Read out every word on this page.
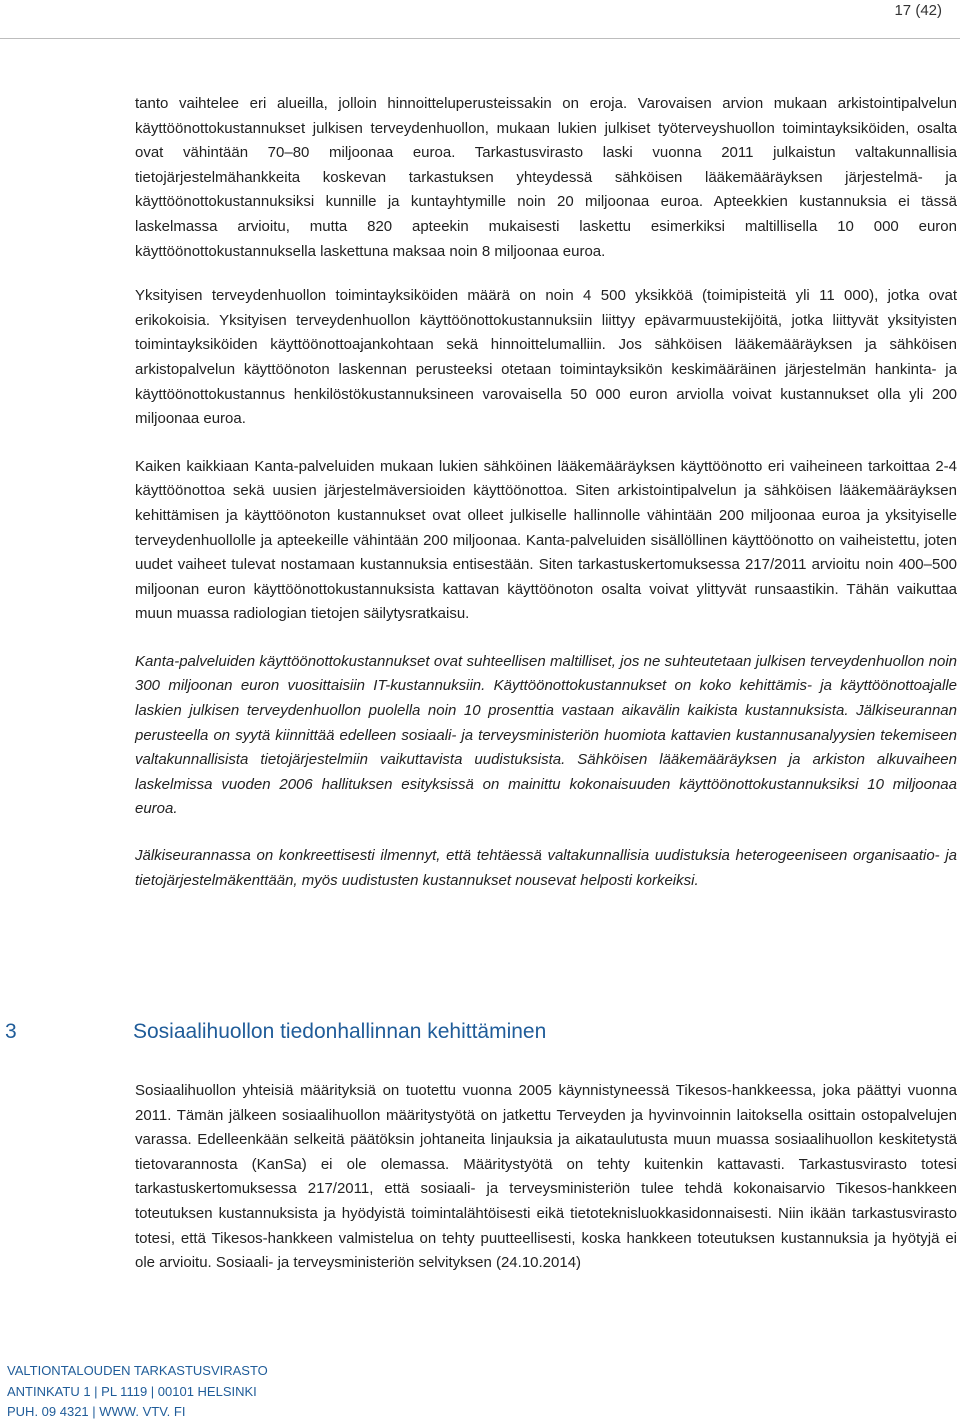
17 (42)

tanto vaihtelee eri alueilla, jolloin hinnoitteluperusteissakin on eroja. Varovaisen arvion mukaan arkistointipalvelun käyttöönottokustannukset julkisen terveydenhuollon, mukaan lukien julkiset työterveyshuollon toimintayksiköiden, osalta ovat vähintään 70–80 miljoonaa euroa. Tarkastusvirasto laski vuonna 2011 julkaistun valtakunnallisia tietojärjestelmähankkeita koskevan tarkastuksen yhteydessä sähköisen lääkemääräyksen järjestelmä- ja käyttöönottokustannuksiksi kunnille ja kuntayhtymille noin 20 miljoonaa euroa. Apteekkien kustannuksia ei tässä laskelmassa arvioitu, mutta 820 apteekin mukaisesti laskettu esimerkiksi maltillisella 10 000 euron käyttöönottokustannuksella laskettuna maksaa noin 8 miljoonaa euroa.

Yksityisen terveydenhuollon toimintayksiköiden määrä on noin 4 500 yksikköä (toimipisteitä yli 11 000), jotka ovat erikokoisia. Yksityisen terveydenhuollon käyttöönottokustannuksiin liittyy epävarmuustekijöitä, jotka liittyvät yksityisten toimintayksiköiden käyttöönottoajankohtaan sekä hinnoittelumalliin. Jos sähköisen lääkemääräyksen ja sähköisen arkistopalvelun käyttöönoton laskennan perusteeksi otetaan toimintayksikön keskimääräinen järjestelmän hankinta- ja käyttöönottokustannus henkilöstökustannuksineen varovaisella 50 000 euron arviolla voivat kustannukset olla yli 200 miljoonaa euroa.

Kaiken kaikkiaan Kanta-palveluiden mukaan lukien sähköinen lääkemääräyksen käyttöönotto eri vaiheineen tarkoittaa 2-4 käyttöönottoa sekä uusien järjestelmäversioiden käyttöönottoa. Siten arkistointipalvelun ja sähköisen lääkemääräyksen kehittämisen ja käyttöönoton kustannukset ovat olleet julkiselle hallinnolle vähintään 200 miljoonaa euroa ja yksityiselle terveydenhuollolle ja apteekeille vähintään 200 miljoonaa. Kanta-palveluiden sisällöllinen käyttöönotto on vaiheistettu, joten uudet vaiheet tulevat nostamaan kustannuksia entisestään. Siten tarkastuskertomuksessa 217/2011 arvioitu noin 400–500 miljoonan euron käyttöönottokustannuksista kattavan käyttöönoton osalta voivat ylittyvät runsaastikin. Tähän vaikuttaa muun muassa radiologian tietojen säilytysratkaisu.

Kanta-palveluiden käyttöönottokustannukset ovat suhteellisen maltilliset, jos ne suhteutetaan julkisen terveydenhuollon noin 300 miljoonan euron vuosittaisiin IT-kustannuksiin. Käyttöönottokustannukset on koko kehittämis- ja käyttöönottoajalle laskien julkisen terveydenhuollon puolella noin 10 prosenttia vastaan aikavälin kaikista kustannuksista. Jälkiseurannan perusteella on syytä kiinnittää edelleen sosiaali- ja terveysministeriön huomiota kattavien kustannusanalyysien tekemiseen valtakunnallisista tietojärjestelmiin vaikuttavista uudistuksista. Sähköisen lääkemääräyksen ja arkiston alkuvaiheen laskelmissa vuoden 2006 hallituksen esityksissä on mainittu kokonaisuuden käyttöönottokustannuksiksi 10 miljoonaa euroa.

Jälkiseurannassa on konkreettisesti ilmennyt, että tehtäessä valtakunnallisia uudistuksia heterogeeniseen organisaatio- ja tietojärjestelmäkenttään, myös uudistusten kustannukset nousevat helposti korkeiksi.

3	Sosiaalihuollon tiedonhallinnan kehittäminen

Sosiaalihuollon yhteisiä määrityksiä on tuotettu vuonna 2005 käynnistyneessä Tikesos-hankkeessa, joka päättyi vuonna 2011. Tämän jälkeen sosiaalihuollon määritystyötä on jatkettu Terveyden ja hyvinvoinnin laitoksella osittain ostopalvelujen varassa. Edelleenkään selkeitä päätöksin johtaneita linjauksia ja aikataulutusta muun muassa sosiaalihuollon keskitetystä tietovarannosta (KanSa) ei ole olemassa. Määritystyötä on tehty kuitenkin kattavasti. Tarkastusvirasto totesi tarkastuskertomuksessa 217/2011, että sosiaali- ja terveysministeriön tulee tehdä kokonaisarvio Tikesos-hankkeen toteutuksen kustannuksista ja hyödyistä toimintalähtöisesti eikä tietoteknisluokkasidonnaisesti. Niin ikään tarkastusvirasto totesi, että Tikesos-hankkeen valmistelua on tehty puutteellisesti, koska hankkeen toteutuksen kustannuksia ja hyötyjä ei ole arvioitu. Sosiaali- ja terveysministeriön selvityksen (24.10.2014)

VALTIONTALOUDEN TARKASTUSVIRASTO
ANTINKATU 1 | PL 1119 | 00101 HELSINKI
PUH. 09 4321 | WWW. VTV. FI
